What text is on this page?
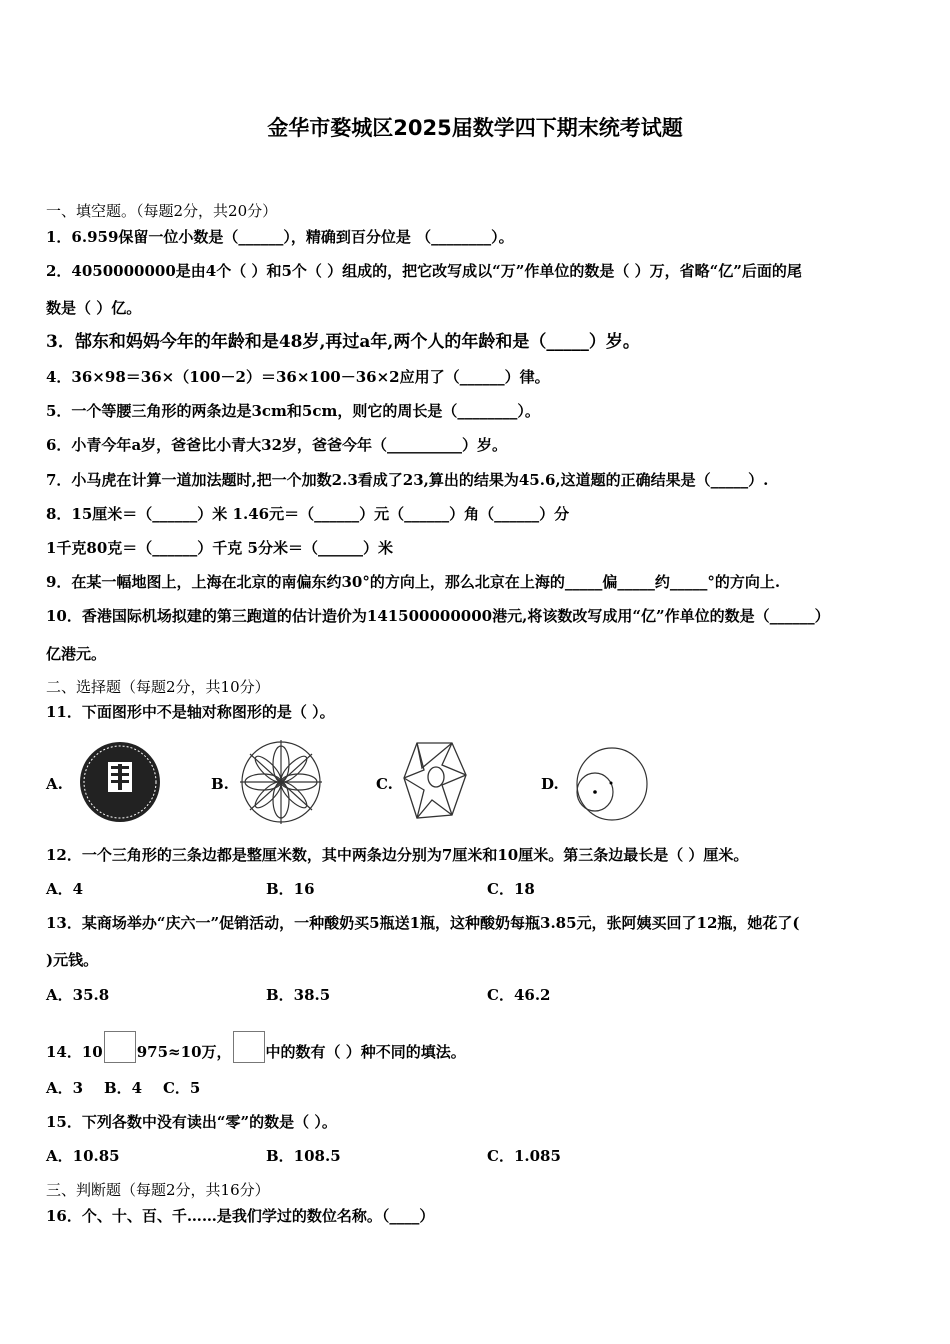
金华市婺城区2025届数学四下期末统考试题
一、填空题。（每题2分，共20分）
1．6.959保留一位小数是（______），精确到百分位是 （________）。
2．4050000000是由4个（ ）和5个（ ）组成的，把它改写成以“万”作单位的数是（ ）万，省略“亿”后面的尾
数是（ ）亿。
3．郜东和妈妈今年的年龄和是48岁,再过a年,两个人的年龄和是（_____）岁。
4．36×98＝36×（100－2）＝36×100－36×2应用了（______）律。
5．一个等腰三角形的两条边是3cm和5cm，则它的周长是（________）。
6．小青今年a岁，爸爸比小青大32岁，爸爸今年（__________）岁。
7．小马虎在计算一道加法题时,把一个加数2.3看成了23,算出的结果为45.6,这道题的正确结果是（_____）.
8．15厘米＝（______）米 1.46元＝（______）元（______）角（______）分
1千克80克＝（______）千克 5分米＝（______）米
9．在某一幅地图上，上海在北京的南偏东约30°的方向上，那么北京在上海的_____偏_____约_____°的方向上.
10．香港国际机场拟建的第三跑道的估计造价为141500000000港元,将该数改写成用“亿”作单位的数是（______）
亿港元。
二、选择题（每题2分，共10分）
11．下面图形中不是轴对称图形的是（ ）。
A.	B.	C.	D.
12．一个三角形的三条边都是整厘米数，其中两条边分别为7厘米和10厘米。第三条边最长是（ ）厘米。
A．4	B．16	C．18
13．某商场举办“庆六一”促销活动，一种酸奶买5瓶送1瓶，这种酸奶每瓶3.85元，张阿姨买回了12瓶，她花了(
)元钱。
A．35.8	B．38.5	C．46.2
14．10 975≈10万， 中的数有（ ）种不同的填法。
A．3    B．4    C．5
15．下列各数中没有读出“零”的数是（ ）。
A．10.85	B．108.5	C．1.085
三、判断题（每题2分，共16分）
16．个、十、百、千……是我们学过的数位名称。（____）
